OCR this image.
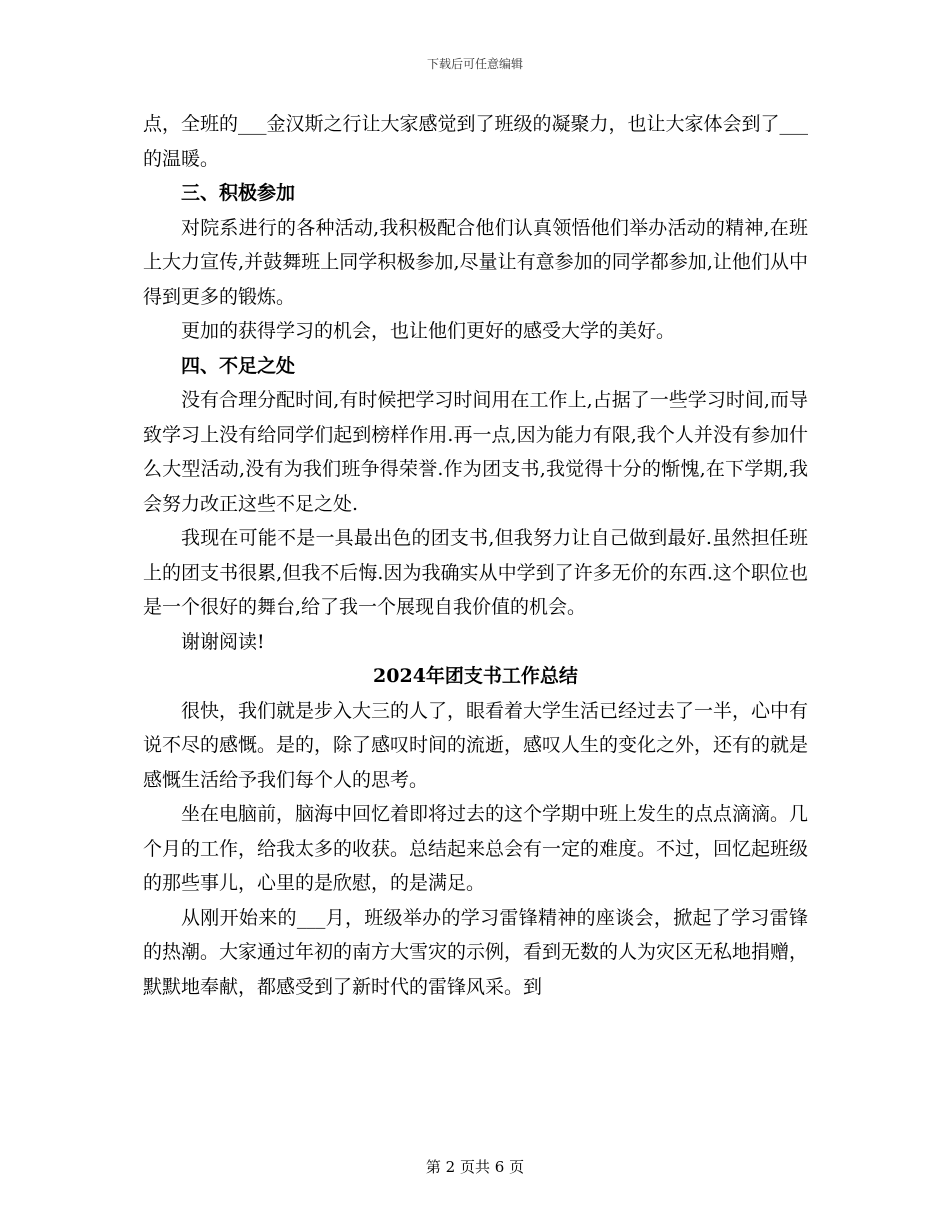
下载后可任意编辑

点，全班的___金汉斯之行让大家感觉到了班级的凝聚力，也让大家体会到了___的温暖。

三、积极参加

对院系进行的各种活动,我积极配合他们认真领悟他们举办活动的精神,在班上大力宣传,并鼓舞班上同学积极参加,尽量让有意参加的同学都参加,让他们从中得到更多的锻炼。

更加的获得学习的机会，也让他们更好的感受大学的美好。

四、不足之处

没有合理分配时间,有时候把学习时间用在工作上,占据了一些学习时间,而导致学习上没有给同学们起到榜样作用.再一点,因为能力有限,我个人并没有参加什么大型活动,没有为我们班争得荣誉.作为团支书,我觉得十分的惭愧,在下学期,我会努力改正这些不足之处.

我现在可能不是一具最出色的团支书,但我努力让自己做到最好.虽然担任班上的团支书很累,但我不后悔.因为我确实从中学到了许多无价的东西.这个职位也是一个很好的舞台,给了我一个展现自我价值的机会。

谢谢阅读!

2024年团支书工作总结

很快，我们就是步入大三的人了，眼看着大学生活已经过去了一半，心中有说不尽的感慨。是的，除了感叹时间的流逝，感叹人生的变化之外，还有的就是感慨生活给予我们每个人的思考。

坐在电脑前，脑海中回忆着即将过去的这个学期中班上发生的点点滴滴。几个月的工作，给我太多的收获。总结起来总会有一定的难度。不过，回忆起班级的那些事儿，心里的是欣慰，的是满足。

从刚开始来的___月，班级举办的学习雷锋精神的座谈会，掀起了学习雷锋的热潮。大家通过年初的南方大雪灾的示例，看到无数的人为灾区无私地捐赠，默默地奉献，都感受到了新时代的雷锋风采。到

第 2 页共 6 页
